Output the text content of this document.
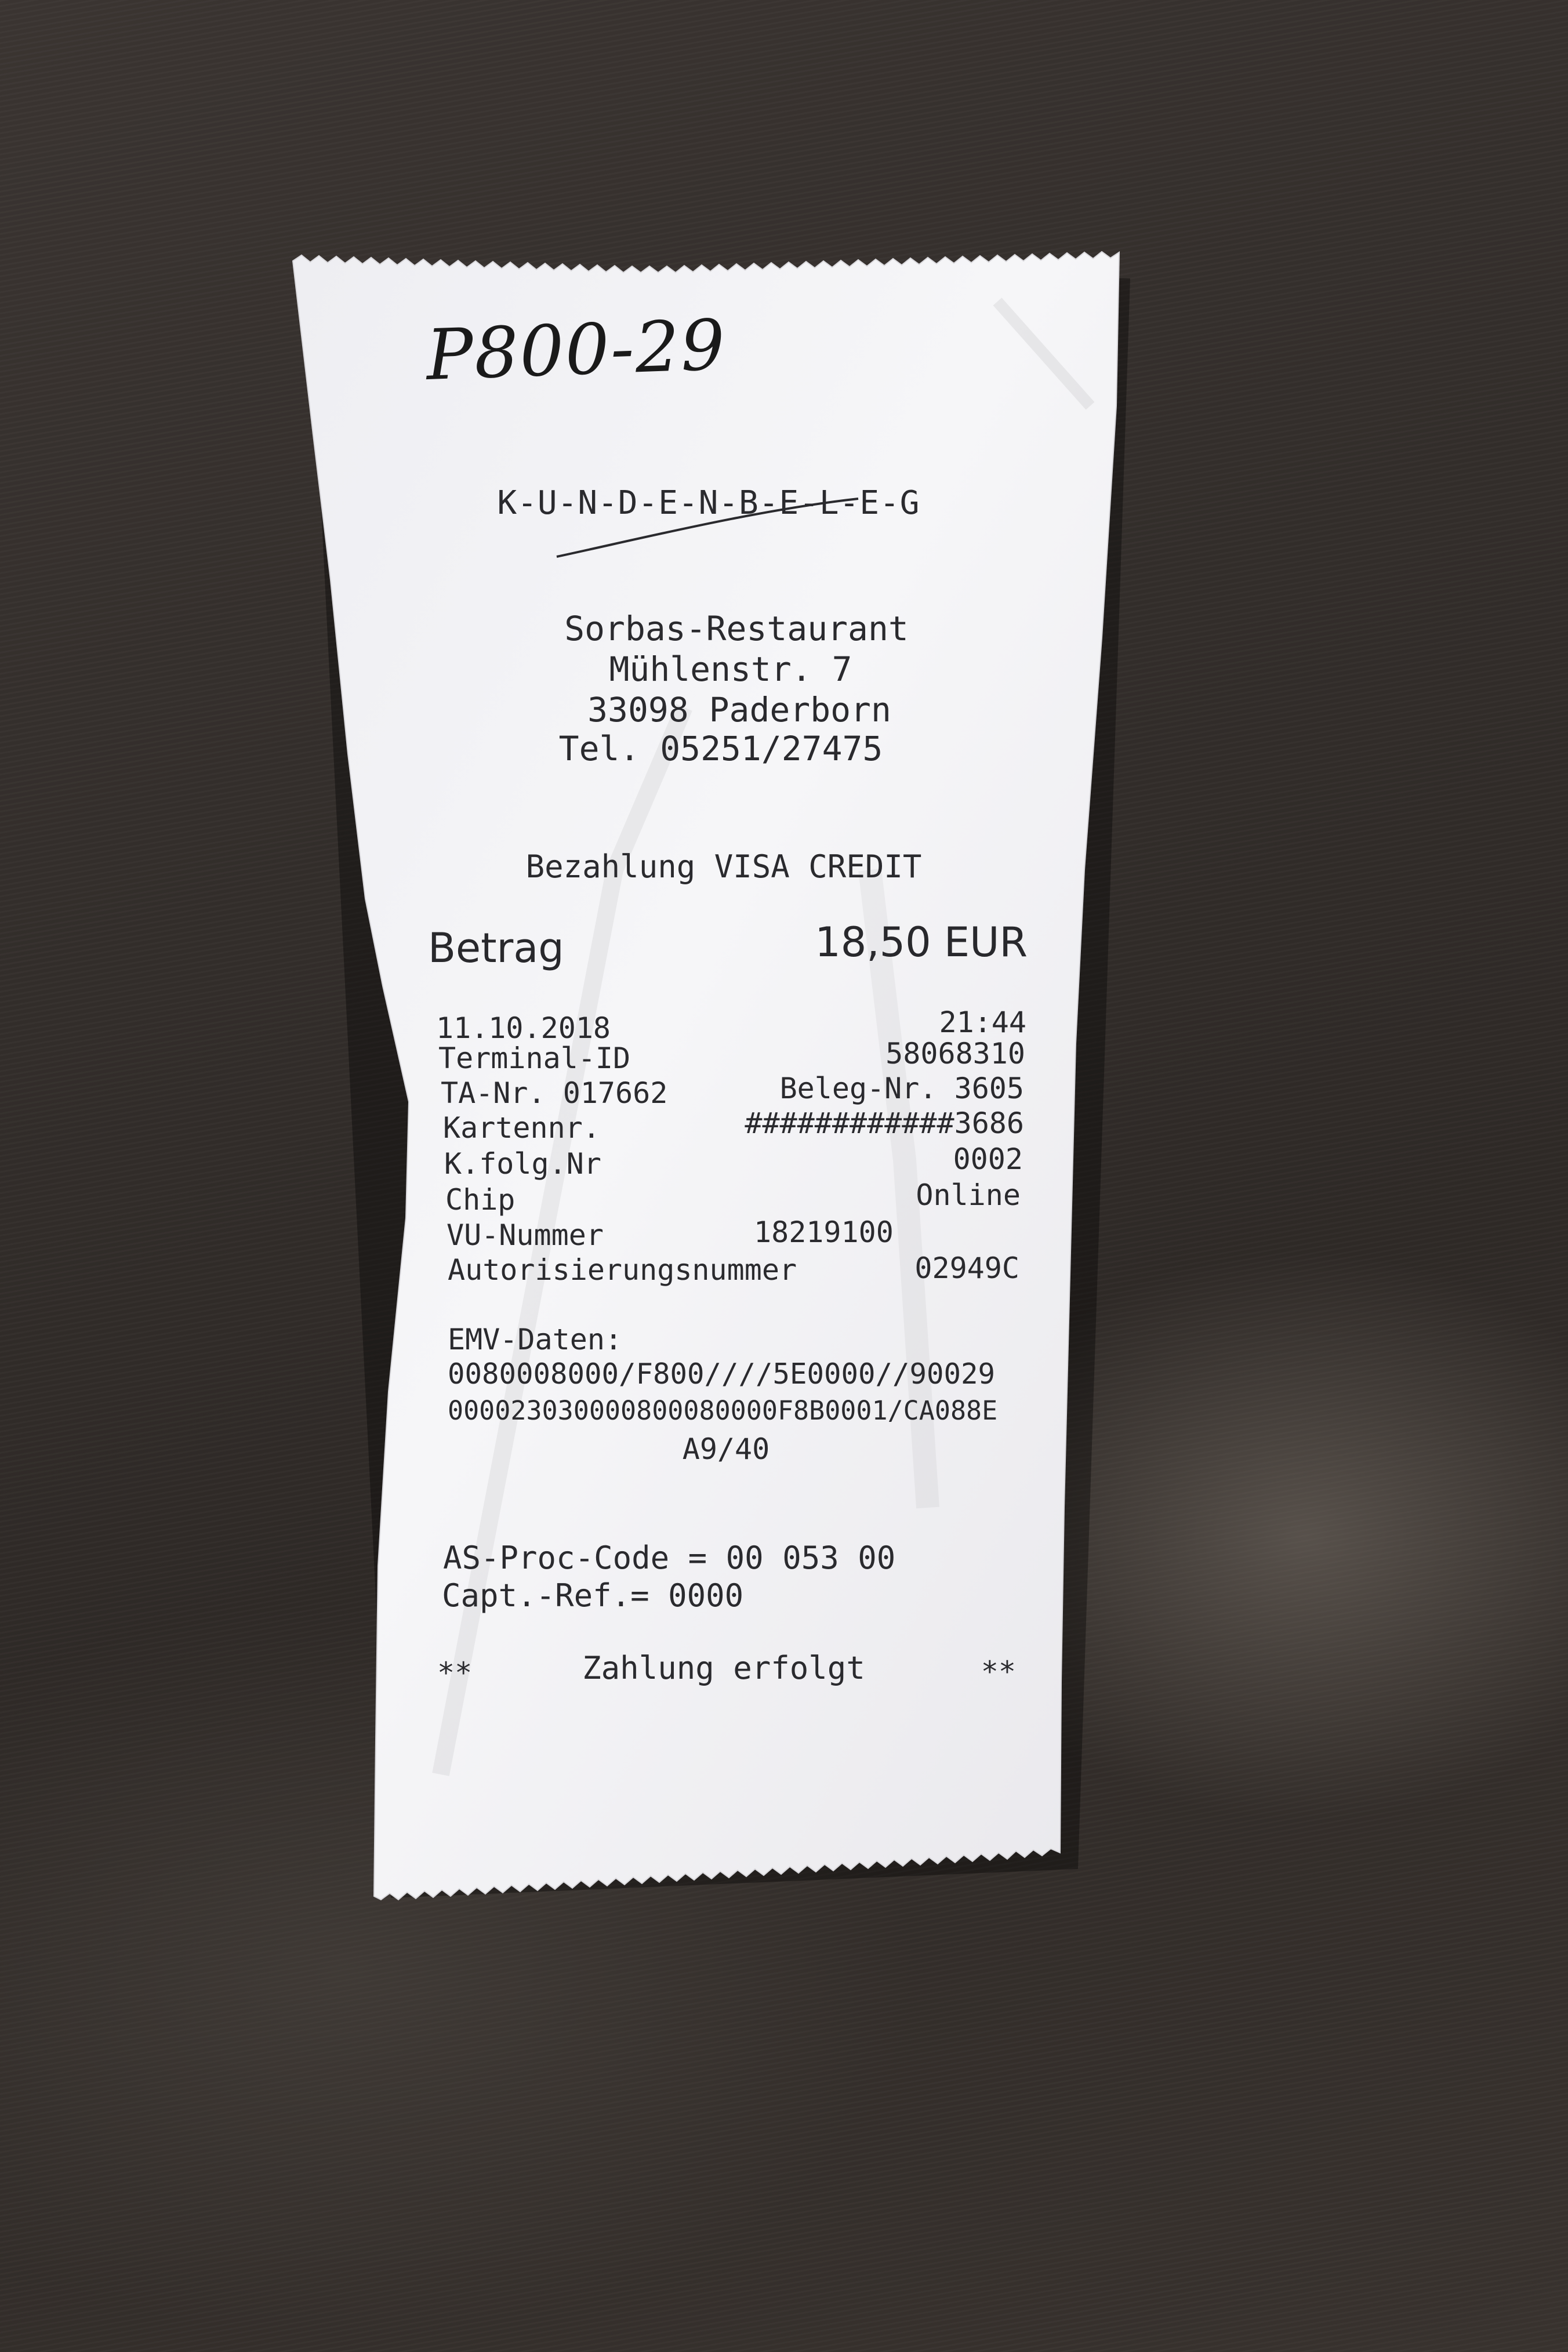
P800-29
K-U-N-D-E-N-B-E-L-E-G
Sorbas-Restaurant
Mühlenstr. 7
33098 Paderborn
Tel. 05251/27475
Bezahlung VISA CREDIT
Betrag	18,50 EUR
11.10.2018	21:44
Terminal-ID	58068310
TA-Nr. 017662	Beleg-Nr. 3605
Kartennr.	############3686
K.folg.Nr	0002
Chip	Online
VU-Nummer	18219100
Autorisierungsnummer	02949C
EMV-Daten:
0080008000/F800////5E0000//90029
000023030000800080000F8B0001/CA088E
A9/40
AS-Proc-Code = 00 053 00
Capt.-Ref.= 0000
**	Zahlung erfolgt	**
